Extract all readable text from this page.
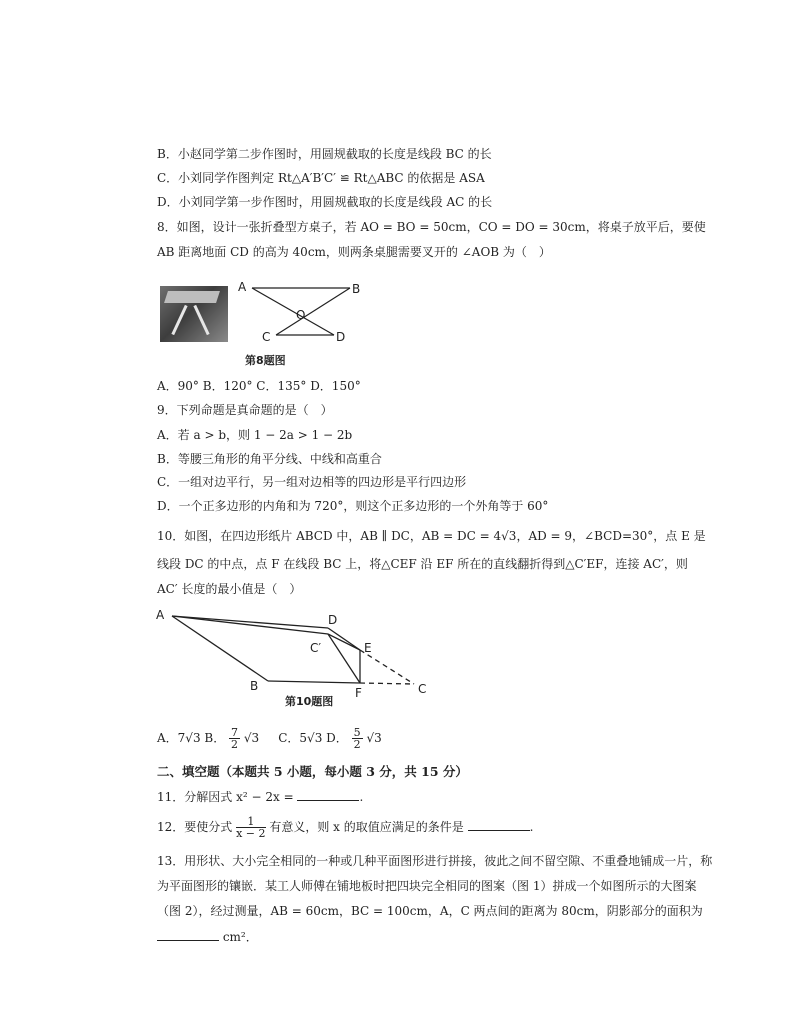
B．小赵同学第二步作图时，用圆规截取的长度是线段 BC 的长
C．小刘同学作图判定 Rt△A′B′C′ ≌ Rt△ABC 的依据是 ASA
D．小刘同学第一步作图时，用圆规截取的长度是线段 AC 的长
8．如图，设计一张折叠型方桌子，若 AO = BO = 50cm，CO = DO = 30cm，将桌子放平后，要使
AB 距离地面 CD 的高为 40cm，则两条桌腿需要叉开的 ∠AOB 为（　）
A	B
O
C	D
第8题图
A．90° B．120° C．135° D．150°
9．下列命题是真命题的是（　）
A．若 a > b，则 1 − 2a > 1 − 2b
B．等腰三角形的角平分线、中线和高重合
C．一组对边平行，另一组对边相等的四边形是平行四边形
D．一个正多边形的内角和为 720°，则这个正多边形的一个外角等于 60°
10．如图，在四边形纸片 ABCD 中，AB ∥ DC，AB = DC = 4√3，AD = 9，∠BCD=30°，点 E 是
线段 DC 的中点，点 F 在线段 BC 上，将△CEF 沿 EF 所在的直线翻折得到△C′EF，连接 AC′，则
AC′ 长度的最小值是（　）
A	D
C′	E
B	F	C
第10题图
A．7√3 B． $\frac{7}{2} √3$ C．5√3 D． $\frac{5}{2} √3$
二、填空题（本题共 5 小题，每小题 3 分，共 15 分）
11．分解因式 x² − 2x =	.
12．要使分式 $\frac{1}{x - 2}$ 有意义，则 x 的取值应满足的条件是	.
13．用形状、大小完全相同的一种或几种平面图形进行拼接，彼此之间不留空隙、不重叠地铺成一片，称
为平面图形的镶嵌．某工人师傅在铺地板时把四块完全相同的图案（图 1）拼成一个如图所示的大图案
（图 2），经过测量，AB = 60cm，BC = 100cm，A，C 两点间的距离为 80cm，阴影部分的面积为
cm²．
